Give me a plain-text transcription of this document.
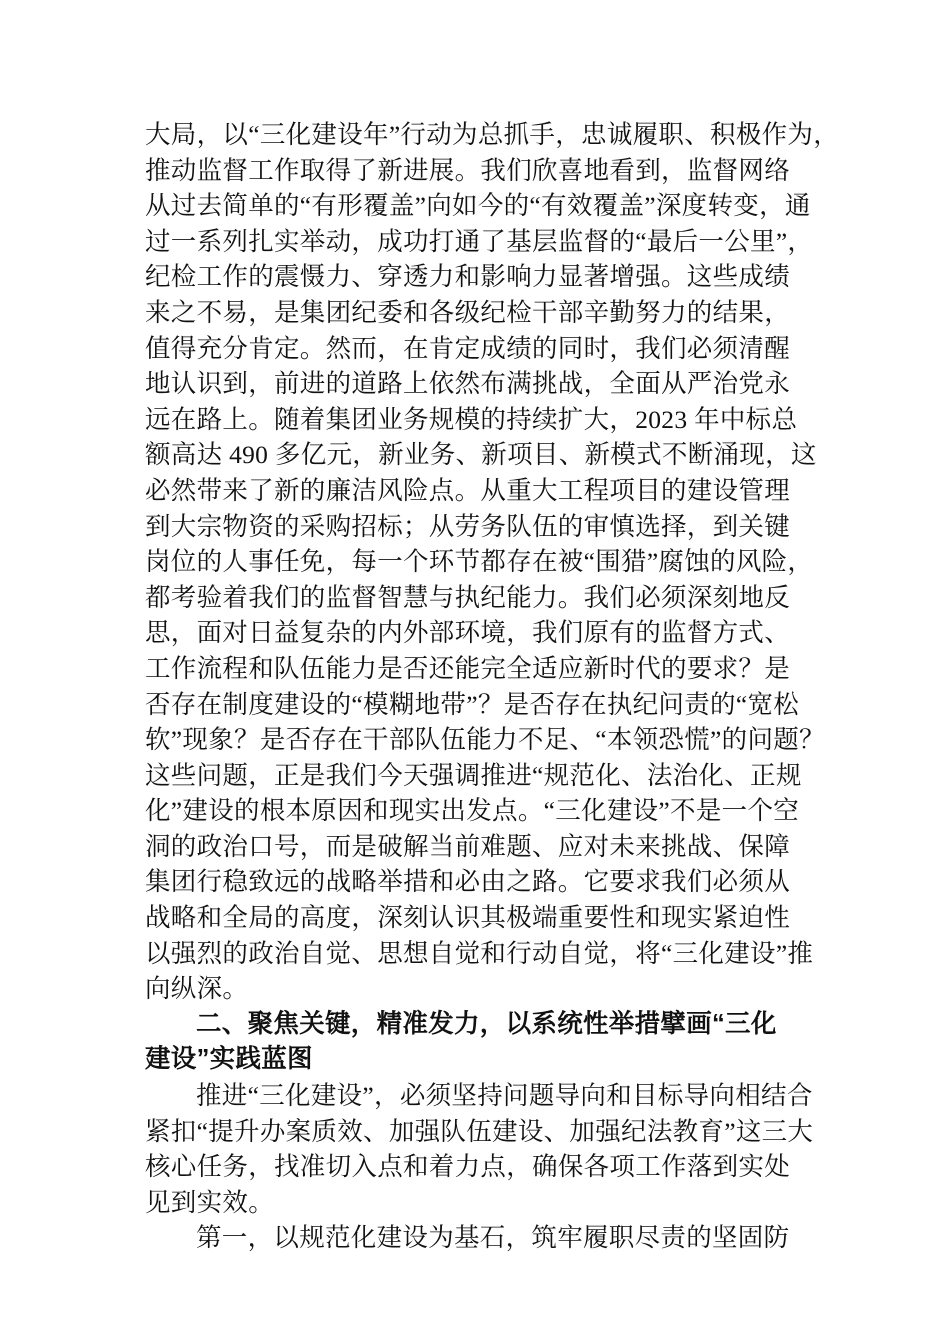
大局，以“三化建设年”行动为总抓手，忠诚履职、积极作为，
推动监督工作取得了新进展。我们欣喜地看到，监督网络
从过去简单的“有形覆盖”向如今的“有效覆盖”深度转变，通
过一系列扎实举动，成功打通了基层监督的“最后一公里”，
纪检工作的震慑力、穿透力和影响力显著增强。这些成绩
来之不易，是集团纪委和各级纪检干部辛勤努力的结果，
值得充分肯定。然而，在肯定成绩的同时，我们必须清醒
地认识到，前进的道路上依然布满挑战，全面从严治党永
远在路上。随着集团业务规模的持续扩大，2023 年中标总
额高达 490 多亿元，新业务、新项目、新模式不断涌现，这
必然带来了新的廉洁风险点。从重大工程项目的建设管理
到大宗物资的采购招标；从劳务队伍的审慎选择，到关键
岗位的人事任免，每一个环节都存在被“围猎”腐蚀的风险，
都考验着我们的监督智慧与执纪能力。我们必须深刻地反
思，面对日益复杂的内外部环境，我们原有的监督方式、
工作流程和队伍能力是否还能完全适应新时代的要求？是
否存在制度建设的“模糊地带”？是否存在执纪问责的“宽松
软”现象？是否存在干部队伍能力不足、“本领恐慌”的问题？
这些问题，正是我们今天强调推进“规范化、法治化、正规
化”建设的根本原因和现实出发点。“三化建设”不是一个空
洞的政治口号，而是破解当前难题、应对未来挑战、保障
集团行稳致远的战略举措和必由之路。它要求我们必须从
战略和全局的高度，深刻认识其极端重要性和现实紧迫性
以强烈的政治自觉、思想自觉和行动自觉，将“三化建设”推
向纵深。
二、聚焦关键，精准发力，以系统性举措擘画“三化
建设”实践蓝图
推进“三化建设”，必须坚持问题导向和目标导向相结合
紧扣“提升办案质效、加强队伍建设、加强纪法教育”这三大
核心任务，找准切入点和着力点，确保各项工作落到实处
见到实效。
第一，以规范化建设为基石，筑牢履职尽责的坚固防
